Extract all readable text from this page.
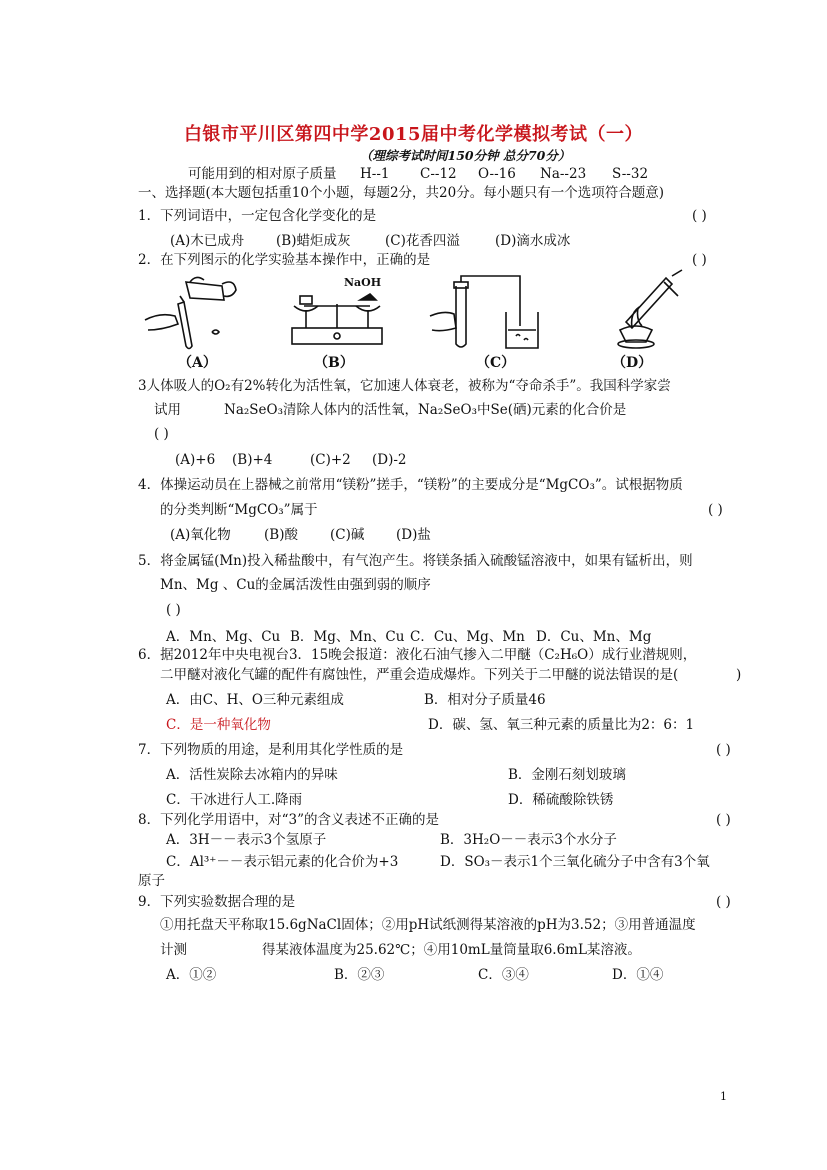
白银市平川区第四中学2015届中考化学模拟考试（一）
（理综考试时间150分钟 总分70分）
可能用到的相对原子质量 H--1 C--12 O--16 Na--23 S--32
一、选择题(本大题包括重10个小题，每题2分，共20分。每小题只有一个选项符合题意)
1．下列词语中，一定包含化学变化的是	( )
(A)木已成舟 (B)蜡炬成灰	(C)花香四溢	(D)滴水成冰
2．在下列图示的化学实验基本操作中，正确的是	( )
NaOH
（A）	（B）	（C）	（D）
3人体吸人的O₂有2%转化为活性氧，它加速人体衰老，被称为“夺命杀手”。我国科学家尝
试用	Na₂SeO₃清除人体内的活性氧，Na₂SeO₃中Se(硒)元素的化合价是
( )
(A)+6 (B)+4	(C)+2 (D)-2
4．体操运动员在上器械之前常用“镁粉”搓手，“镁粉”的主要成分是“MgCO₃”。试根据物质
的分类判断“MgCO₃”属于	( )
(A)氧化物 (B)酸 (C)碱 (D)盐
5．将金属锰(Mn)投入稀盐酸中，有气泡产生。将镁条插入硫酸锰溶液中，如果有锰析出，则
Mn、Mg 、Cu的金属活泼性由强到弱的顺序
( )
A．Mn、Mg、Cu B．Mg、Mn、Cu C．Cu、Mg、Mn D．Cu、Mn、Mg
6．据2012年中央电视台3．15晚会报道：液化石油气掺入二甲醚（C₂H₆O）成行业潜规则，
二甲醚对液化气罐的配件有腐蚀性，严重会造成爆炸。下列关于二甲醚的说法错误的是(	)
A．由C、H、O三种元素组成	B．相对分子质量46
C．是一种氧化物	D．碳、氢、氧三种元素的质量比为2：6：1
7．下列物质的用途，是利用其化学性质的是	( )
A．活性炭除去冰箱内的异味	B．金刚石刻划玻璃
C．干冰进行人工.降雨	D．稀硫酸除铁锈
8．下列化学用语中，对“3”的含义表述不正确的是	( )
A．3H－－表示3个氢原子	B．3H₂O－－表示3个水分子
C．Al³⁺－－表示铝元素的化合价为+3	D．SO₃－表示1个三氧化硫分子中含有3个氧
原子
9．下列实验数据合理的是	( )
①用托盘天平称取15.6gNaCl固体；②用pH试纸测得某溶液的pH为3.52；③用普通温度
计测	得某液体温度为25.62℃；④用10mL量筒量取6.6mL某溶液。
A．①②	B．②③	C．③④	D．①④
1
